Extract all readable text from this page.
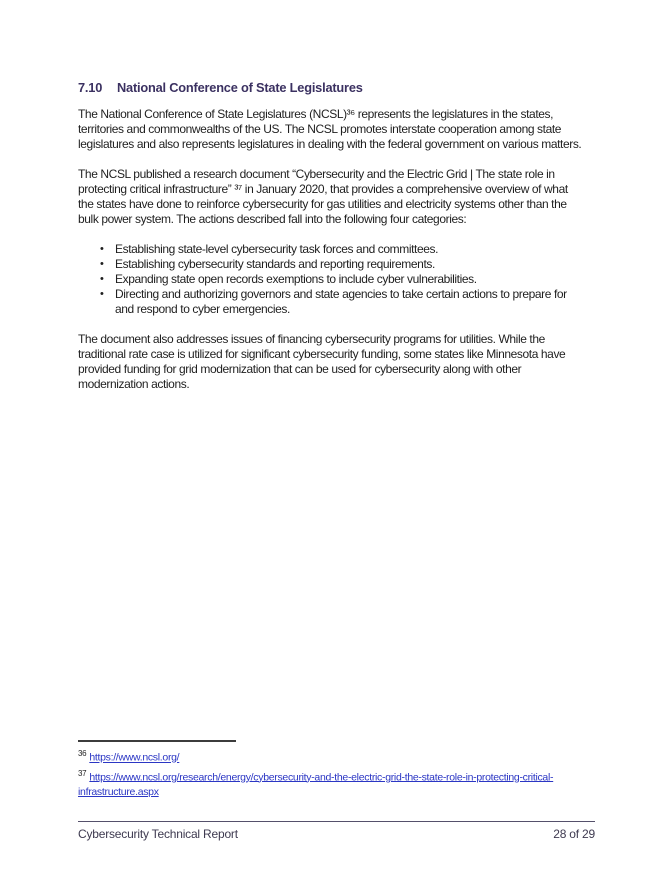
7.10 National Conference of State Legislatures

The National Conference of State Legislatures (NCSL)³⁶ represents the legislatures in the states,
territories and commonwealths of the US. The NCSL promotes interstate cooperation among state
legislatures and also represents legislatures in dealing with the federal government on various matters.

The NCSL published a research document “Cybersecurity and the Electric Grid | The state role in
protecting critical infrastructure” ³⁷ in January 2020, that provides a comprehensive overview of what
the states have done to reinforce cybersecurity for gas utilities and electricity systems other than the
bulk power system. The actions described fall into the following four categories:

• Establishing state-level cybersecurity task forces and committees.
• Establishing cybersecurity standards and reporting requirements.
• Expanding state open records exemptions to include cyber vulnerabilities.
• Directing and authorizing governors and state agencies to take certain actions to prepare for
and respond to cyber emergencies.

The document also addresses issues of financing cybersecurity programs for utilities. While the
traditional rate case is utilized for significant cybersecurity funding, some states like Minnesota have
provided funding for grid modernization that can be used for cybersecurity along with other
modernization actions.

$^{36}$ https://www.ncsl.org/
$^{37}$ https://www.ncsl.org/research/energy/cybersecurity-and-the-electric-grid-the-state-role-in-protecting-critical-
infrastructure.aspx
Cybersecurity Technical Report	28 of 29
